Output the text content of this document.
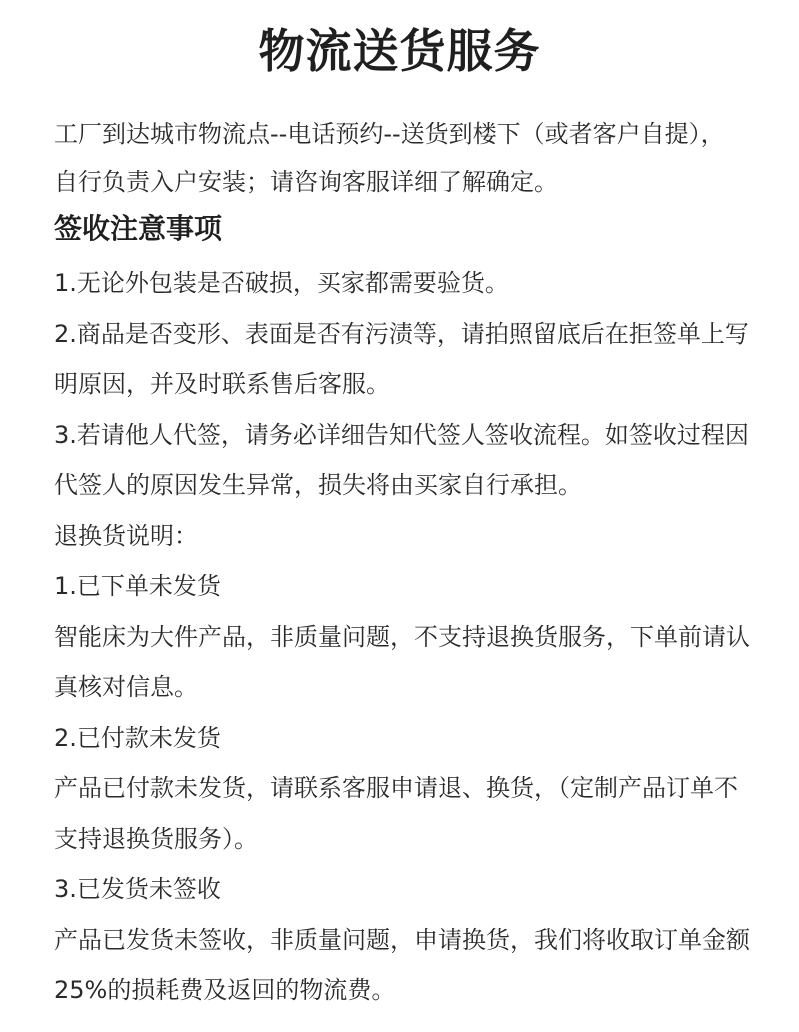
物流送货服务
工厂到达城市物流点--电话预约--送货到楼下（或者客户自提），
自行负责入户安装；请咨询客服详细了解确定。
签收注意事项
1.无论外包装是否破损，买家都需要验货。
2.商品是否变形、表面是否有污渍等，请拍照留底后在拒签单上写
明原因，并及时联系售后客服。
3.若请他人代签，请务必详细告知代签人签收流程。如签收过程因
代签人的原因发生异常，损失将由买家自行承担。
退换货说明：
1.已下单未发货
智能床为大件产品，非质量问题，不支持退换货服务，下单前请认
真核对信息。
2.已付款未发货
产品已付款未发货，请联系客服申请退、换货，（定制产品订单不
支持退换货服务）。
3.已发货未签收
产品已发货未签收，非质量问题，申请换货，我们将收取订单金额
25%的损耗费及返回的物流费。
